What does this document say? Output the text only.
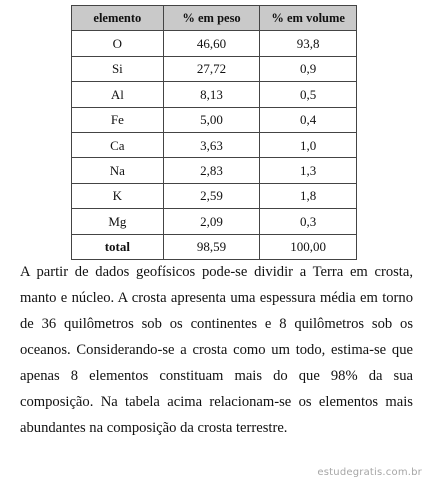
elemento	% em peso	% em volume
O	46,60	93,8
Si	27,72	0,9
Al	8,13	0,5
Fe	5,00	0,4
Ca	3,63	1,0
Na	2,83	1,3
K	2,59	1,8
Mg	2,09	0,3
total	98,59	100,00

A partir de dados geofísicos pode-se dividir a Terra em crosta, manto e núcleo. A crosta apresenta uma espessura média em torno de 36 quilômetros sob os continentes e 8 quilômetros sob os oceanos. Considerando-se a crosta como um todo, estima-se que apenas 8 elementos constituam mais do que 98% da sua composição. Na tabela acima relacionam-se os elementos mais abundantes na composição da crosta terrestre.

estudegratis.com.br
